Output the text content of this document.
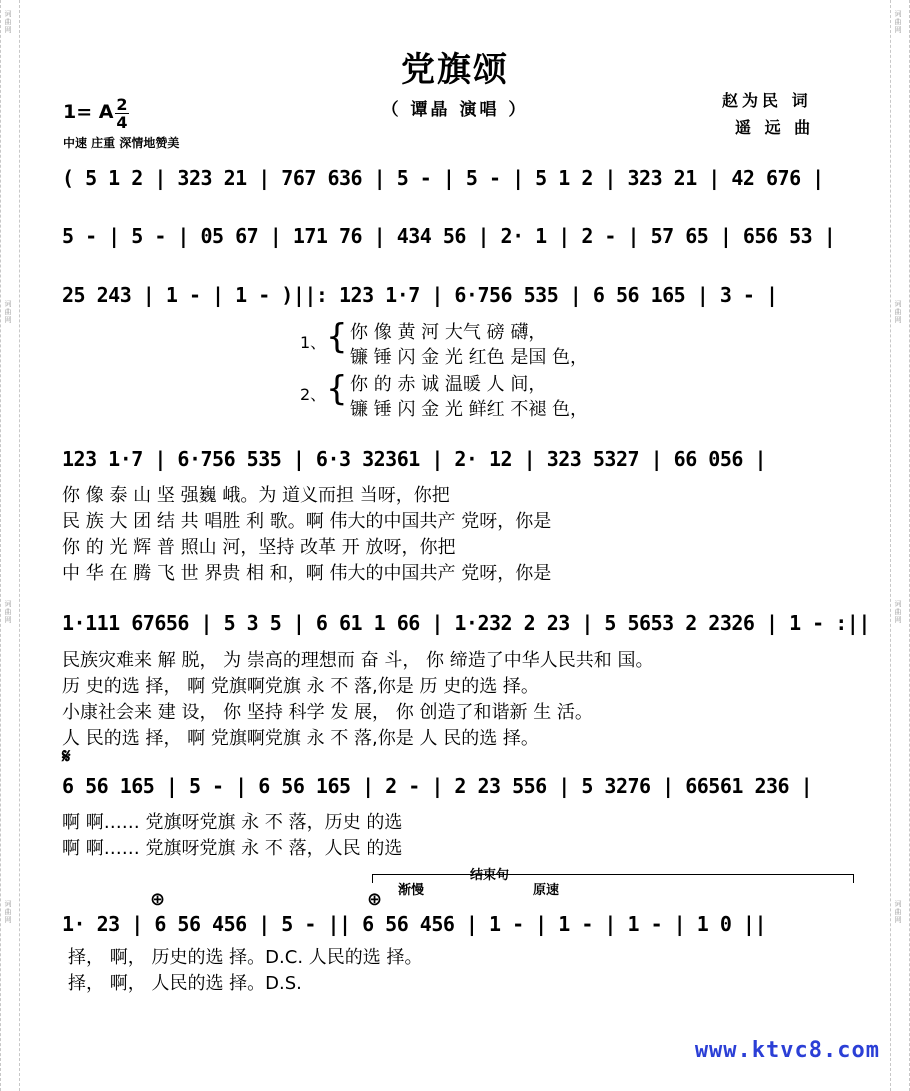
词曲网
词曲网
词曲网
词曲网
词曲网
词曲网
词曲网
词曲网
党旗颂
（ 谭晶 演唱 ）	赵为民 词
遥 远 曲
1= A 2
4
中速 庄重 深情地赞美
( 5 1 2 | 323 21 | 767 636 | 5 - | 5 - | 5 1 2 | 323 21 | 42 676 |
5 - | 5 - | 05 67 | 171 76 | 434 56 | 2· 1 | 2 - | 57 65 | 656 53 |
25 243 | 1 - | 1 - )||: 123 1·7 | 6·756 535 | 6 56 165 | 3 - |
1、 { 你 像 黄 河 大气 磅 礴，
镰 锤 闪 金 光 红色 是国 色，
2、 { 你 的 赤 诚 温暖 人 间，
镰 锤 闪 金 光 鲜红 不褪 色，
123 1·7 | 6·756 535 | 6·3 32361 | 2· 12 | 323 5327 | 66 056 |
你 像 泰 山 坚 强巍 峨。为 道义而担 当呀，你把
民 族 大 团 结 共 唱胜 利 歌。啊 伟大的中国共产 党呀，你是
你 的 光 辉 普 照山 河，坚持 改革 开 放呀，你把
中 华 在 腾 飞 世 界贵 相 和，啊 伟大的中国共产 党呀，你是
1·111 67656 | 5 3 5 | 6 61 1 66 | 1·232 2 23 | 5 5653 2 2326 | 1 - :||
民族灾难来 解 脱， 为 崇高的理想而 奋 斗， 你 缔造了中华人民共和 国。
历 史的选 择， 啊 党旗啊党旗 永 不 落,你是 历 史的选 择。
小康社会来 建 设， 你 坚持 科学 发 展， 你 创造了和谐新 生 活。
人 民的选 择， 啊 党旗啊党旗 永 不 落,你是 人 民的选 择。
𝄋
6 56 165 | 5 - | 6 56 165 | 2 - | 2 23 556 | 5 3276 | 66561 236 |
啊 啊…… 党旗呀党旗 永 不 落，历史 的选
啊 啊…… 党旗呀党旗 永 不 落，人民 的选
结束句
渐慢	原速
⊕	⊕
1· 23 | 6 56 456 | 5 - || 6 56 456 | 1 - | 1 - | 1 - | 1 0 ||
择， 啊， 历史的选 择。D.C. 人民的选 择。
择， 啊， 人民的选 择。D.S.
www.ktvc8.com
